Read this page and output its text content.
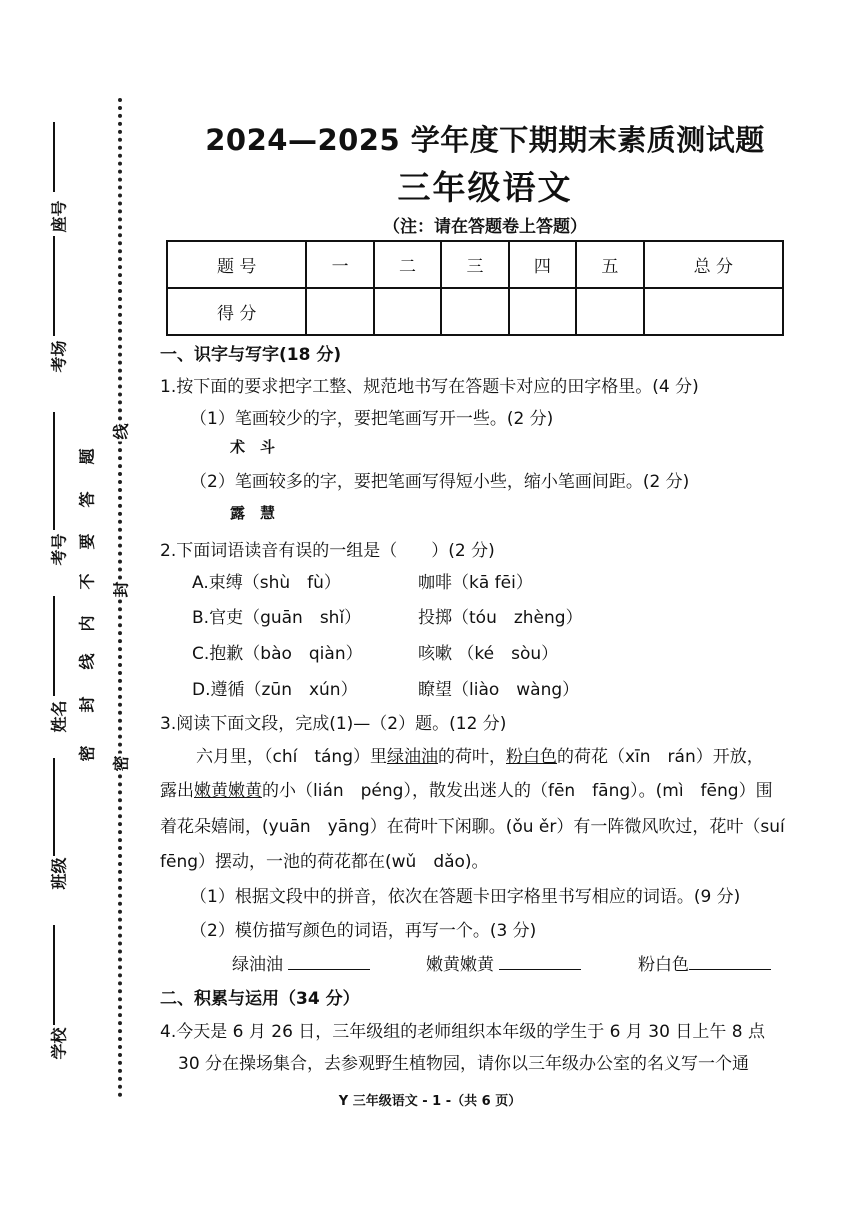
座号
考场
考号
姓名
班级
学校
密
封
线
内
不
要
答
题
密
封
线
2024—2025 学年度下期期末素质测试题
三年级语文
（注：请在答题卷上答题）
题 号	一	二	三	四	五	总 分
得 分						
一、识字与写字(18 分)
1.按下面的要求把字工整、规范地书写在答题卡对应的田字格里。(4 分)
（1）笔画较少的字，要把笔画写开一些。(2 分)
术　斗
（2）笔画较多的字，要把笔画写得短小些，缩小笔画间距。(2 分)
露　慧
2.下面词语读音有误的一组是（　　）(2 分)
A.束缚（shù　fù）	咖啡（kā fēi）
B.官吏（guān　shǐ）	投掷（tóu　zhèng）
C.抱歉（bào　qiàn）	咳嗽 （ké　sòu）
D.遵循（zūn　xún）	瞭望（liào　wàng）
3.阅读下面文段，完成(1)—（2）题。(12 分)
六月里，（chí　táng）里绿油油的荷叶，粉白色的荷花（xīn　rán）开放，
露出嫩黄嫩黄的小（lián　péng），散发出迷人的（fēn　fāng）。(mì　fēng）围
着花朵嬉闹，(yuān　yāng）在荷叶下闲聊。(ǒu ěr）有一阵微风吹过，花叶（suí
fēng）摆动，一池的荷花都在(wǔ　dǎo)。
（1）根据文段中的拼音，依次在答题卡田字格里书写相应的词语。(9 分)
（2）模仿描写颜色的词语，再写一个。(3 分)
绿油油	嫩黄嫩黄	粉白色
二、积累与运用（34 分）
4.今天是 6 月 26 日，三年级组的老师组织本年级的学生于 6 月 30 日上午 8 点
30 分在操场集合，去参观野生植物园，请你以三年级办公室的名义写一个通
Y 三年级语文 - 1 -（共 6 页）
